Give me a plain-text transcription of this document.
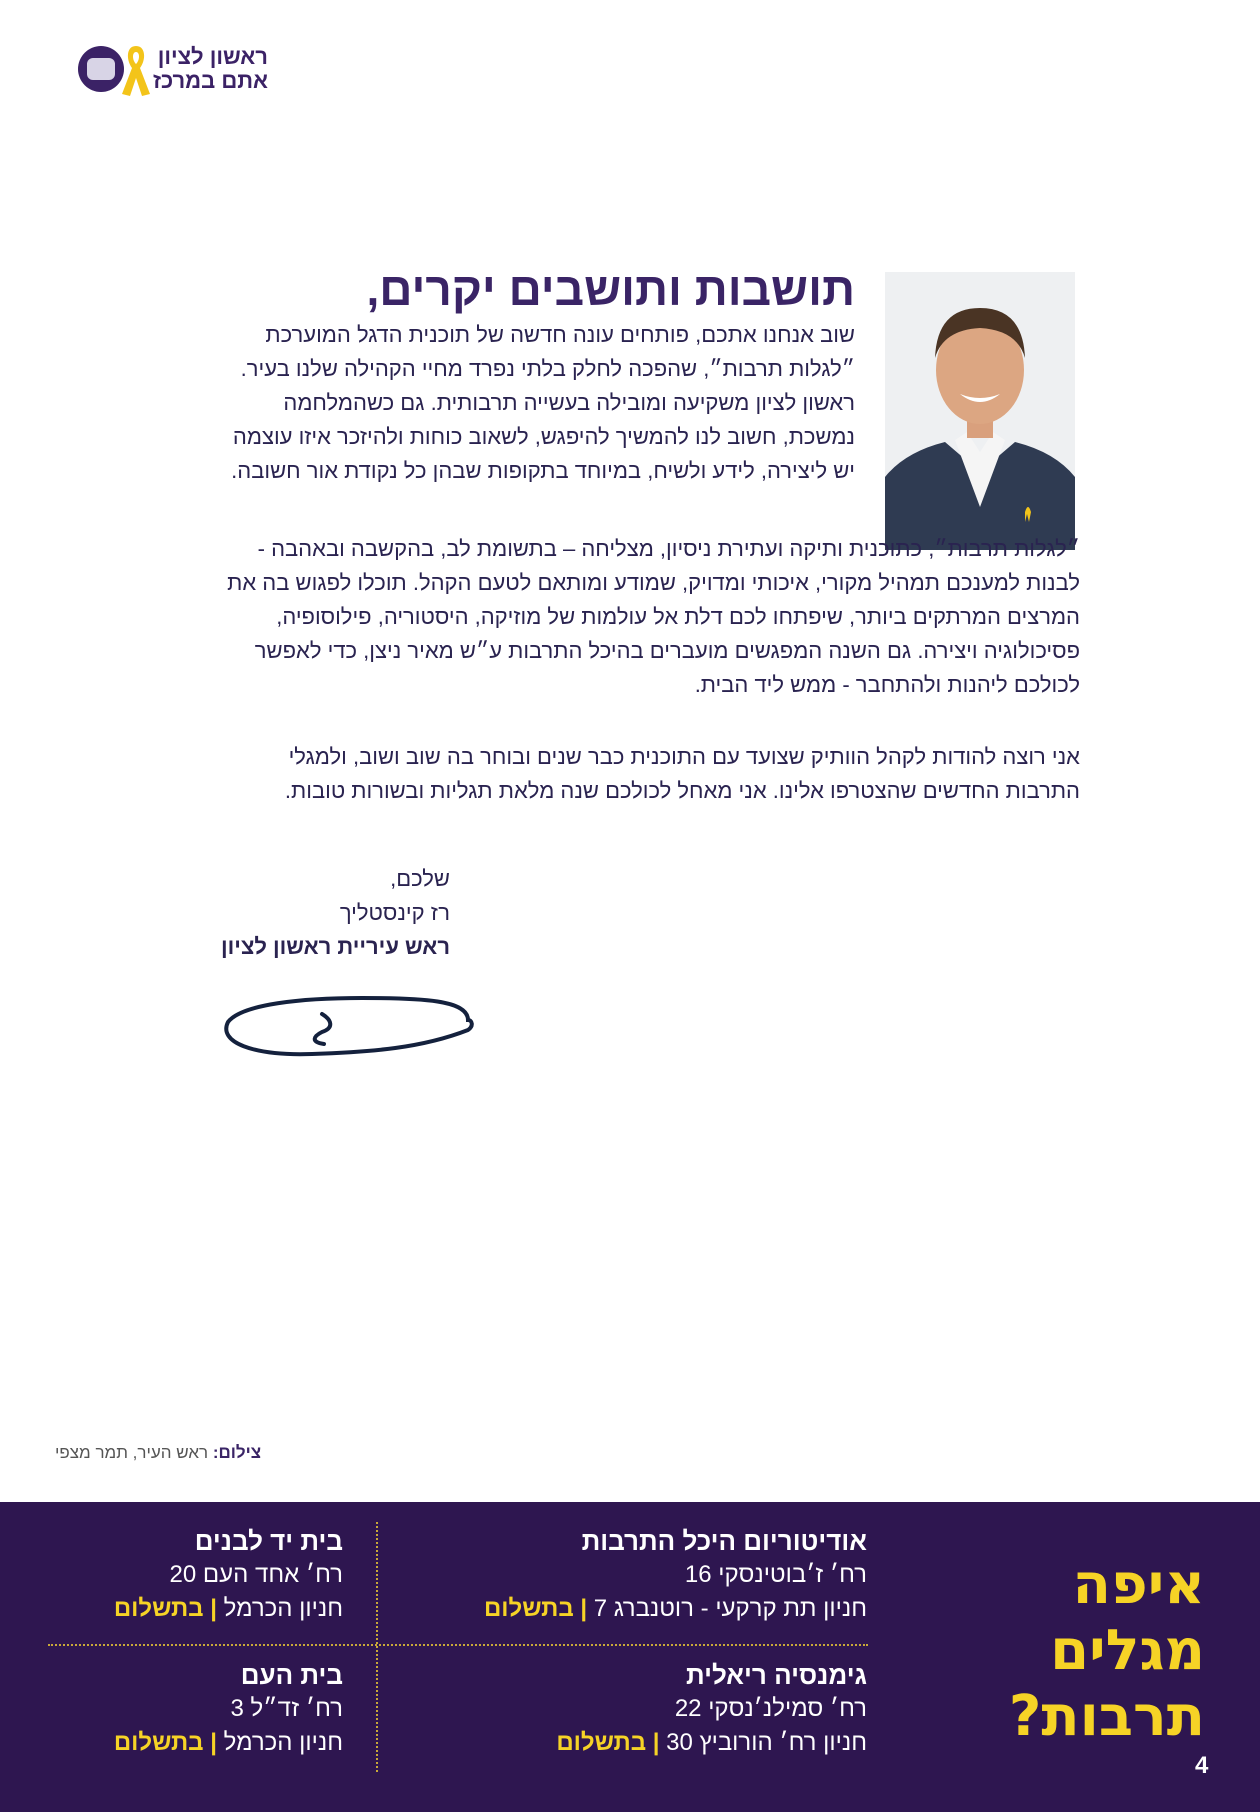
ראשון לציון
אתם במרכז
תושבות ותושבים יקרים,

שוב אנחנו אתכם, פותחים עונה חדשה של תוכנית הדגל המוערכת ״לגלות תרבות״, שהפכה לחלק בלתי נפרד מחיי הקהילה שלנו בעיר. ראשון לציון משקיעה ומובילה בעשייה תרבותית. גם כשהמלחמה נמשכת, חשוב לנו להמשיך להיפגש, לשאוב כוחות ולהיזכר איזו עוצמה יש ליצירה, לידע ולשיח, במיוחד בתקופות שבהן כל נקודת אור חשובה.

״לגלות תרבות״, כתוכנית ותיקה ועתירת ניסיון, מצליחה – בתשומת לב, בהקשבה ובאהבה - לבנות למענכם תמהיל מקורי, איכותי ומדויק, שמודע ומותאם לטעם הקהל. תוכלו לפגוש בה את המרצים המרתקים ביותר, שיפתחו לכם דלת אל עולמות של מוזיקה, היסטוריה, פילוסופיה, פסיכולוגיה ויצירה. גם השנה המפגשים מועברים בהיכל התרבות ע״ש מאיר ניצן, כדי לאפשר לכולכם ליהנות ולהתחבר - ממש ליד הבית.

אני רוצה להודות לקהל הוותיק שצועד עם התוכנית כבר שנים ובוחר בה שוב ושוב, ולמגלי התרבות החדשים שהצטרפו אלינו. אני מאחל לכולכם שנה מלאת תגליות ובשורות טובות.

שלכם,
רז קינסטליך
ראש עיריית ראשון לציון
צילום: ראש העיר, תמר מצפי
איפה
מגלים
תרבות?
אודיטוריום היכל התרבות
רח׳ ז׳בוטינסקי 16
חניון תת קרקעי - רוטנברג 7 | בתשלום
בית יד לבנים
רח׳ אחד העם 20
חניון הכרמל | בתשלום
גימנסיה ריאלית
רח׳ סמילנ׳נסקי 22
חניון רח׳ הורוביץ 30 | בתשלום
בית העם
רח׳ זד״ל 3
חניון הכרמל | בתשלום
4
